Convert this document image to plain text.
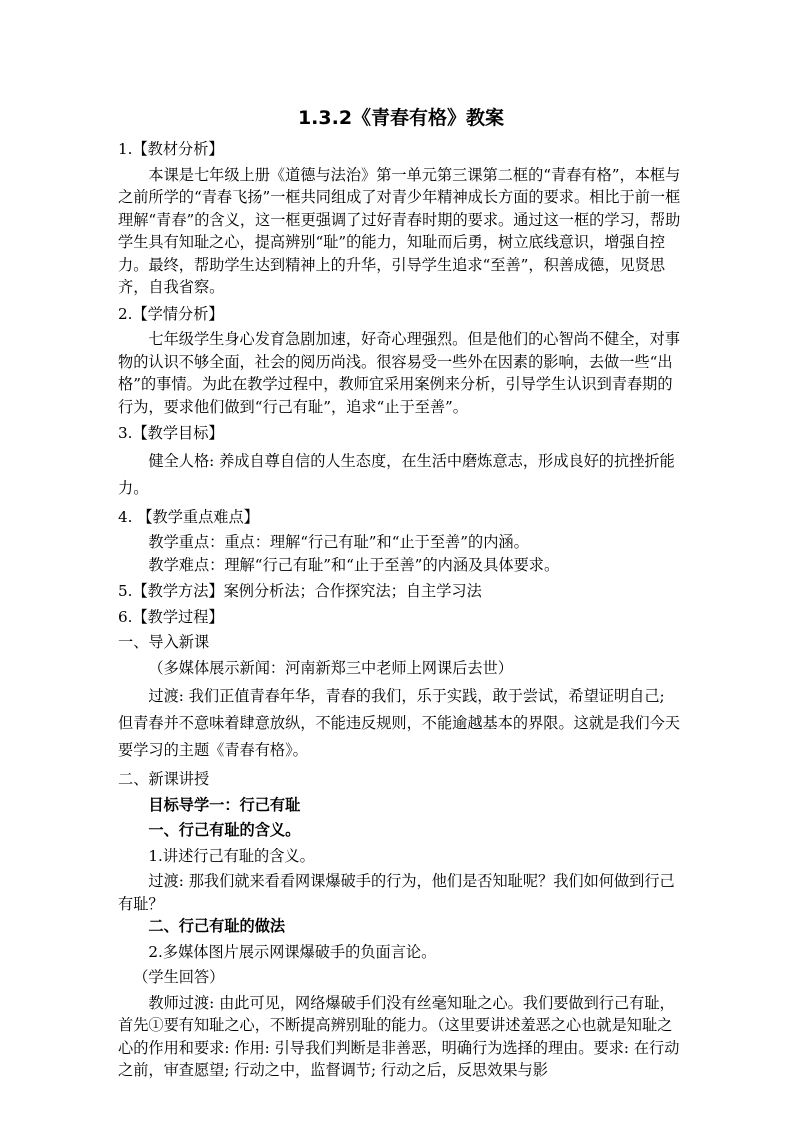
1.3.2《青春有格》教案

1.【教材分析】

本课是七年级上册《道德与法治》第一单元第三课第二框的“青春有格”，本框与之前所学的“青春飞扬”一框共同组成了对青少年精神成长方面的要求。相比于前一框理解“青春”的含义，这一框更强调了过好青春时期的要求。通过这一框的学习，帮助学生具有知耻之心，提高辨别“耻”的能力，知耻而后勇，树立底线意识，增强自控力。最终，帮助学生达到精神上的升华，引导学生追求“至善”，积善成德，见贤思齐，自我省察。

2.【学情分析】

七年级学生身心发育急剧加速，好奇心理强烈。但是他们的心智尚不健全，对事物的认识不够全面，社会的阅历尚浅。很容易受一些外在因素的影响，去做一些“出格”的事情。为此在教学过程中，教师宜采用案例来分析，引导学生认识到青春期的行为，要求他们做到“行己有耻”，追求“止于至善”。

3.【教学目标】

健全人格: 养成自尊自信的人生态度，在生活中磨炼意志，形成良好的抗挫折能力。

4. 【教学重点难点】

教学重点：重点：理解“行己有耻”和“止于至善”的内涵。

教学难点：理解“行己有耻”和“止于至善”的内涵及具体要求。

5.【教学方法】案例分析法；合作探究法；自主学习法

6.【教学过程】

一、导入新课

（多媒体展示新闻：河南新郑三中老师上网课后去世）

过渡: 我们正值青春年华，青春的我们，乐于实践，敢于尝试，希望证明自己; 但青春并不意味着肆意放纵，不能违反规则，不能逾越基本的界限。这就是我们今天要学习的主题《青春有格》。

二、新课讲授

目标导学一：行己有耻

一、行己有耻的含义。

1.讲述行己有耻的含义。

过渡: 那我们就来看看网课爆破手的行为，他们是否知耻呢？我们如何做到行己有耻？

二、行己有耻的做法

2.多媒体图片展示网课爆破手的负面言论。

（学生回答）

教师过渡: 由此可见，网络爆破手们没有丝毫知耻之心。我们要做到行己有耻，首先①要有知耻之心，不断提高辨别耻的能力。（这里要讲述羞恶之心也就是知耻之心的作用和要求: 作用: 引导我们判断是非善恶，明确行为选择的理由。要求: 在行动之前，审查愿望; 行动之中，监督调节; 行动之后，反思效果与影
